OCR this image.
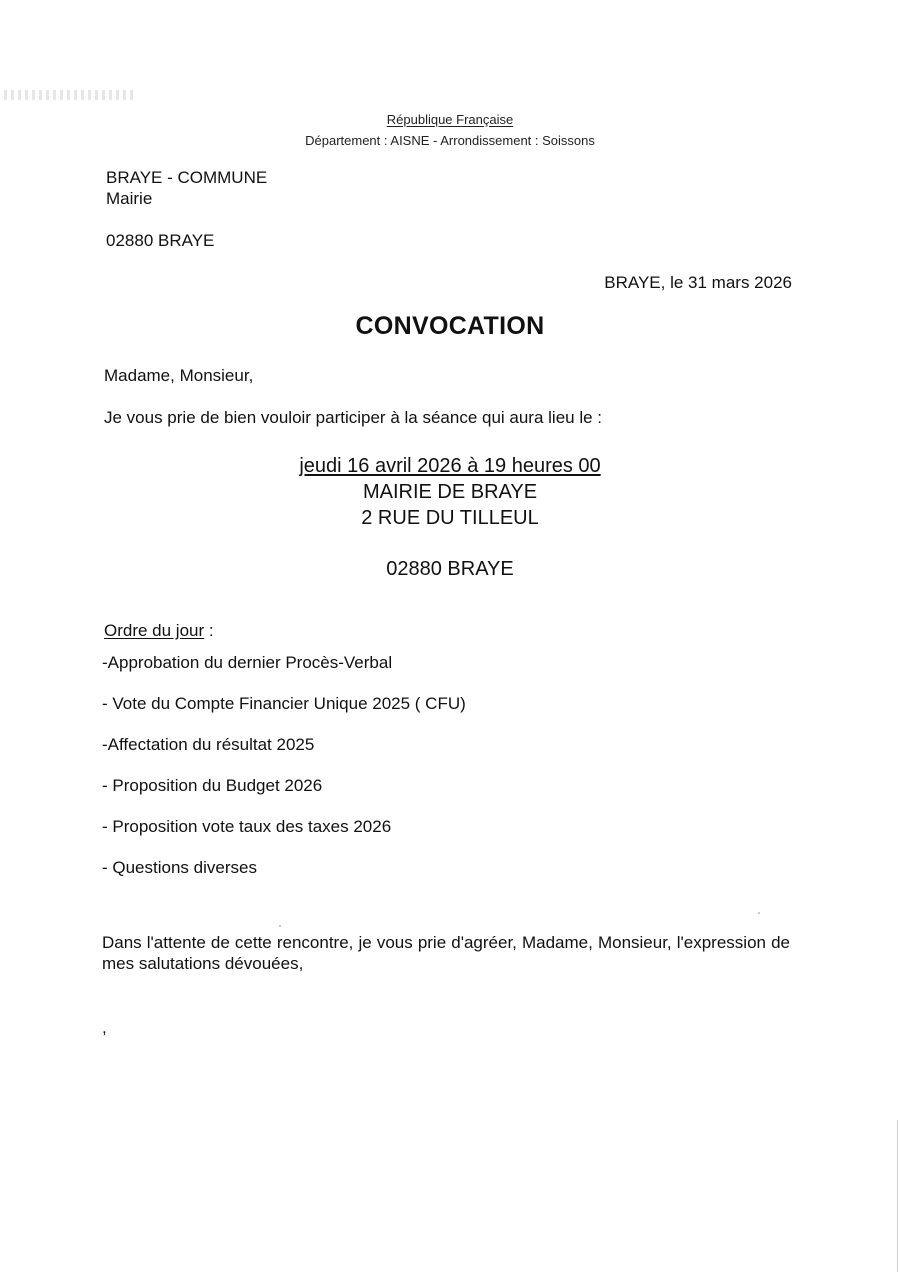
République Française
Département : AISNE - Arrondissement : Soissons
BRAYE - COMMUNE
Mairie
02880 BRAYE
BRAYE, le 31 mars 2026
CONVOCATION
Madame, Monsieur,
Je vous prie de bien vouloir participer à la séance qui aura lieu le :
jeudi 16 avril 2026 à 19 heures 00
MAIRIE DE BRAYE
2 RUE DU TILLEUL
02880 BRAYE
Ordre du jour :
-Approbation du dernier Procès-Verbal
- Vote du Compte Financier Unique 2025 ( CFU)
-Affectation du résultat 2025
- Proposition du Budget 2026
- Proposition vote taux des taxes 2026
- Questions diverses
Dans l'attente de cette rencontre, je vous prie d'agréer, Madame, Monsieur, l'expression de mes salutations dévouées,
,
